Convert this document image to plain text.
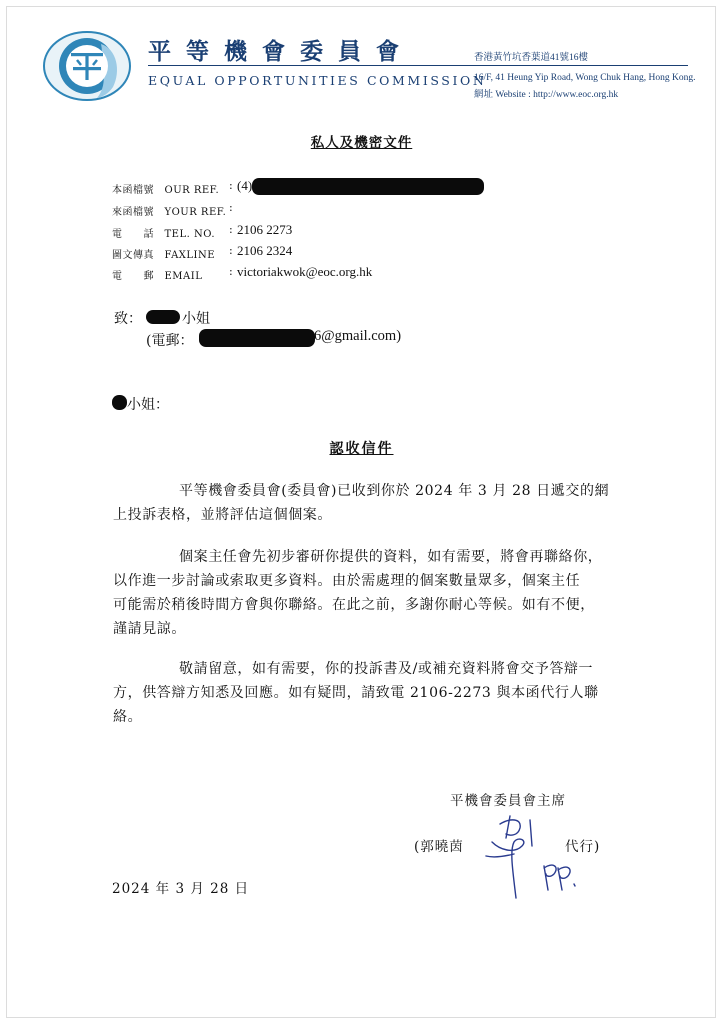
平等機會委員會
EQUAL OPPORTUNITIES COMMISSION
香港黃竹坑香葉道41號16樓
16/F, 41 Heung Yip Road, Wong Chuk Hang, Hong Kong.
網址 Website : http://www.eoc.org.hk
私人及機密文件
本函檔號　OUR REF. : (4)
來函檔號　YOUR REF. :
電　　話　TEL. NO. : 2106 2273
圖文傳真　FAXLINE : 2106 2324
電　　郵　EMAIL : victoriakwok@eoc.org.hk
致：	小姐
(電郵：	6@gmail.com)
小姐：
認收信件
平等機會委員會(委員會)已收到你於 2024 年 3 月 28 日遞交的網
上投訴表格，並將評估這個個案。
個案主任會先初步審研你提供的資料，如有需要，將會再聯絡你，
以作進一步討論或索取更多資料。由於需處理的個案數量眾多，個案主任
可能需於稍後時間方會與你聯絡。在此之前，多謝你耐心等候。如有不便，
謹請見諒。
敬請留意，如有需要，你的投訴書及/或補充資料將會交予答辯一
方，供答辯方知悉及回應。如有疑問，請致電 2106-2273 與本函代行人聯
絡。
平機會委員會主席
(郭曉茵	代行)
2024 年 3 月 28 日
